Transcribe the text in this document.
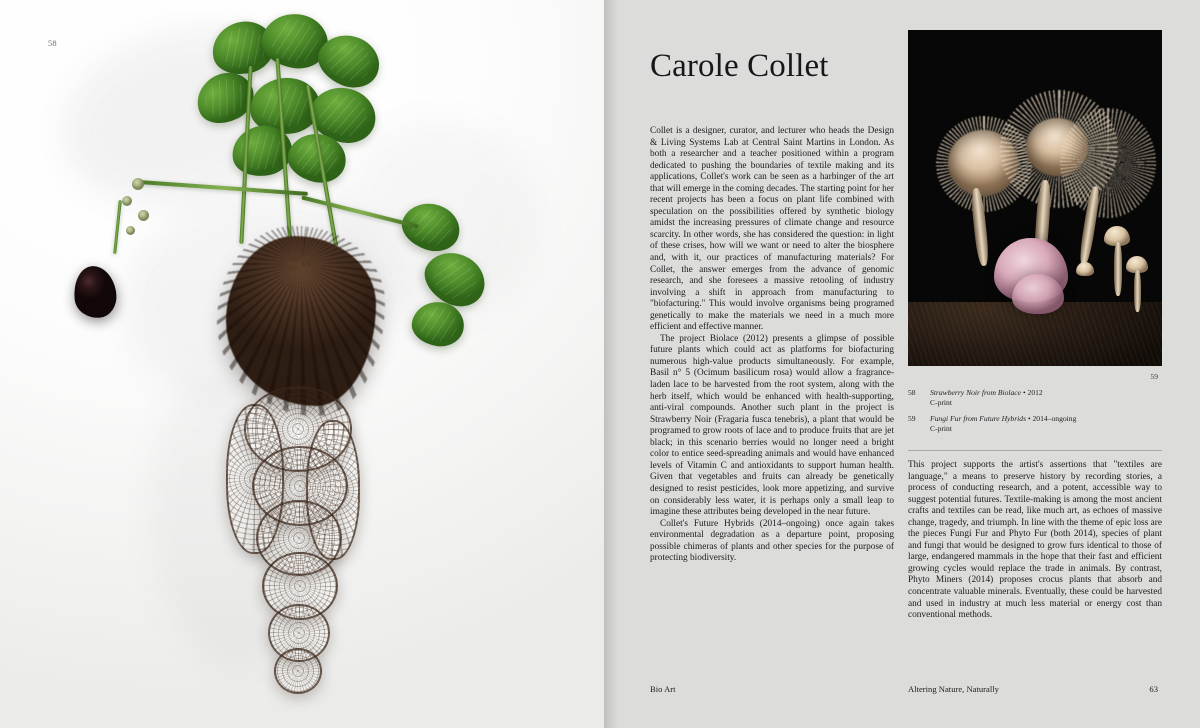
58
Carole Collet
59

Collet is a designer, curator, and lecturer who heads the Design & Living Systems Lab at Central Saint Martins in London. As both a researcher and a teacher positioned within a program dedicated to pushing the boundaries of textile making and its applications, Collet's work can be seen as a harbinger of the art that will emerge in the coming decades. The starting point for her recent projects has been a focus on plant life combined with speculation on the possibilities offered by synthetic biology amidst the increasing pressures of climate change and resource scarcity. In other words, she has considered the question: in light of these crises, how will we want or need to alter the biosphere and, with it, our practices of manufacturing materials? For Collet, the answer emerges from the advance of genomic research, and she foresees a massive retooling of industry involving a shift in approach from manufacturing to "biofacturing." This would involve organisms being programed genetically to make the materials we need in a much more efficient and effective manner.

The project Biolace (2012) presents a glimpse of possible future plants which could act as platforms for biofacturing numerous high-value products simultaneously. For example, Basil n° 5 (Ocimum basilicum rosa) would allow a fragrance-laden lace to be harvested from the root system, along with the herb itself, which would be enhanced with health-supporting, anti-viral compounds. Another such plant in the project is Strawberry Noir (Fragaria fusca tenebris), a plant that would be programed to grow roots of lace and to produce fruits that are jet black; in this scenario berries would no longer need a bright color to entice seed-spreading animals and would have enhanced levels of Vitamin C and antioxidants to support human health. Given that vegetables and fruits can already be genetically designed to resist pesticides, look more appetizing, and survive on considerably less water, it is perhaps only a small leap to imagine these attributes being developed in the near future.

Collet's Future Hybrids (2014–ongoing) once again takes environmental degradation as a departure point, proposing possible chimeras of plants and other species for the purpose of protecting biodiversity.

58	Strawberry Noir from Biolace • 2012
C-print
59	Fungi Fur from Future Hybrids • 2014–ongoing
C-print

This project supports the artist's assertions that "textiles are language," a means to preserve history by recording stories, a process of conducting research, and a potent, accessible way to suggest potential futures. Textile-making is among the most ancient crafts and textiles can be read, like much art, as echoes of massive change, tragedy, and triumph. In line with the theme of epic loss are the pieces Fungi Fur and Phyto Fur (both 2014), species of plant and fungi that would be designed to grow furs identical to those of large, endangered mammals in the hope that their fast and efficient growing cycles would replace the trade in animals. By contrast, Phyto Miners (2014) proposes crocus plants that absorb and concentrate valuable minerals. Eventually, these could be harvested and used in industry at much less material or energy cost than conventional methods.

Bio Art	Altering Nature, Naturally	63
